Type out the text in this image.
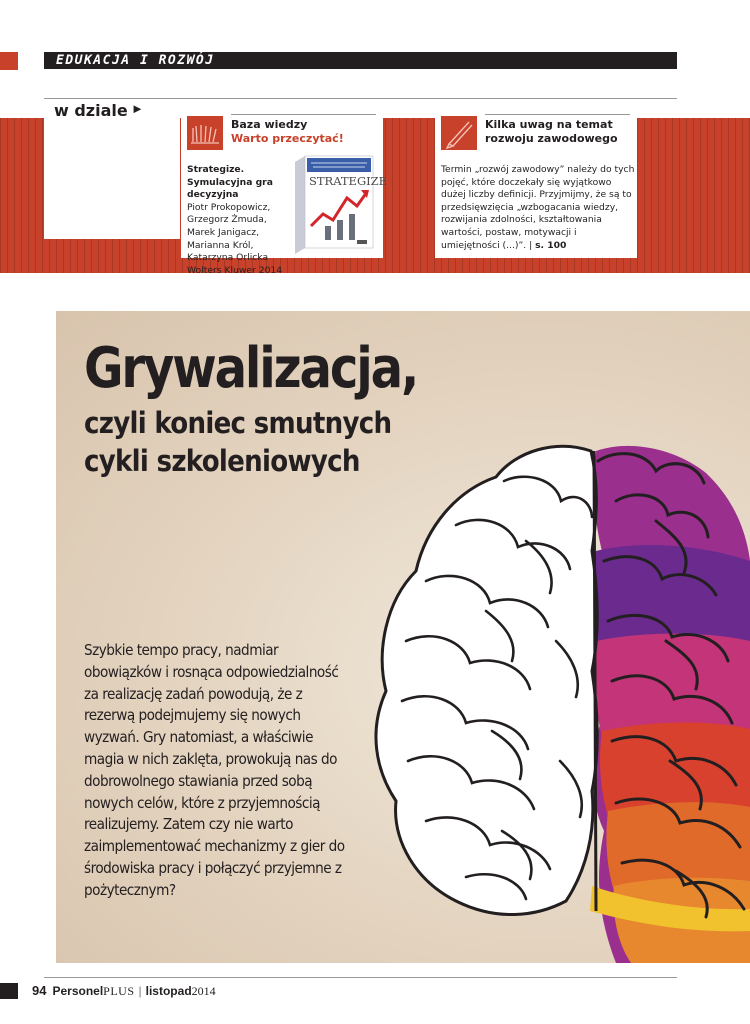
EDUKACJA I ROZWÓJ
w dziale ►
Baza wiedzy
Warto przeczytać!
Strategize. Symulacyjna gra decyzyjna
Piotr Prokopowicz, Grzegorz Żmuda, Marek Janigacz, Marianna Król, Katarzyna Orlicka
Wolters Kluwer 2014
STRATEGIZE
Kilka uwag na temat rozwoju zawodowego
Termin „rozwój zawodowy” należy do tych pojęć, które doczekały się wyjątkowo dużej liczby definicji. Przyjmijmy, że są to przedsięwzięcia „wzbogacania wiedzy, rozwijania zdolności, kształtowania wartości, postaw, motywacji i umiejętności (...)”. | s. 100
Grywalizacja,
czyli koniec smutnych
cykli szkoleniowych
Szybkie tempo pracy, nadmiar obowiązków i rosnąca odpowiedzialność za realizację zadań powodują, że z rezerwą podejmujemy się nowych wyzwań. Gry natomiast, a właściwie magia w nich zaklęta, prowokują nas do dobrowolnego stawiania przed sobą nowych celów, które z przyjemnością realizujemy. Zatem czy nie warto zaimplementować mechanizmy z gier do środowiska pracy i połączyć przyjemne z pożytecznym?
94 PersonelPLUS | listopad2014
